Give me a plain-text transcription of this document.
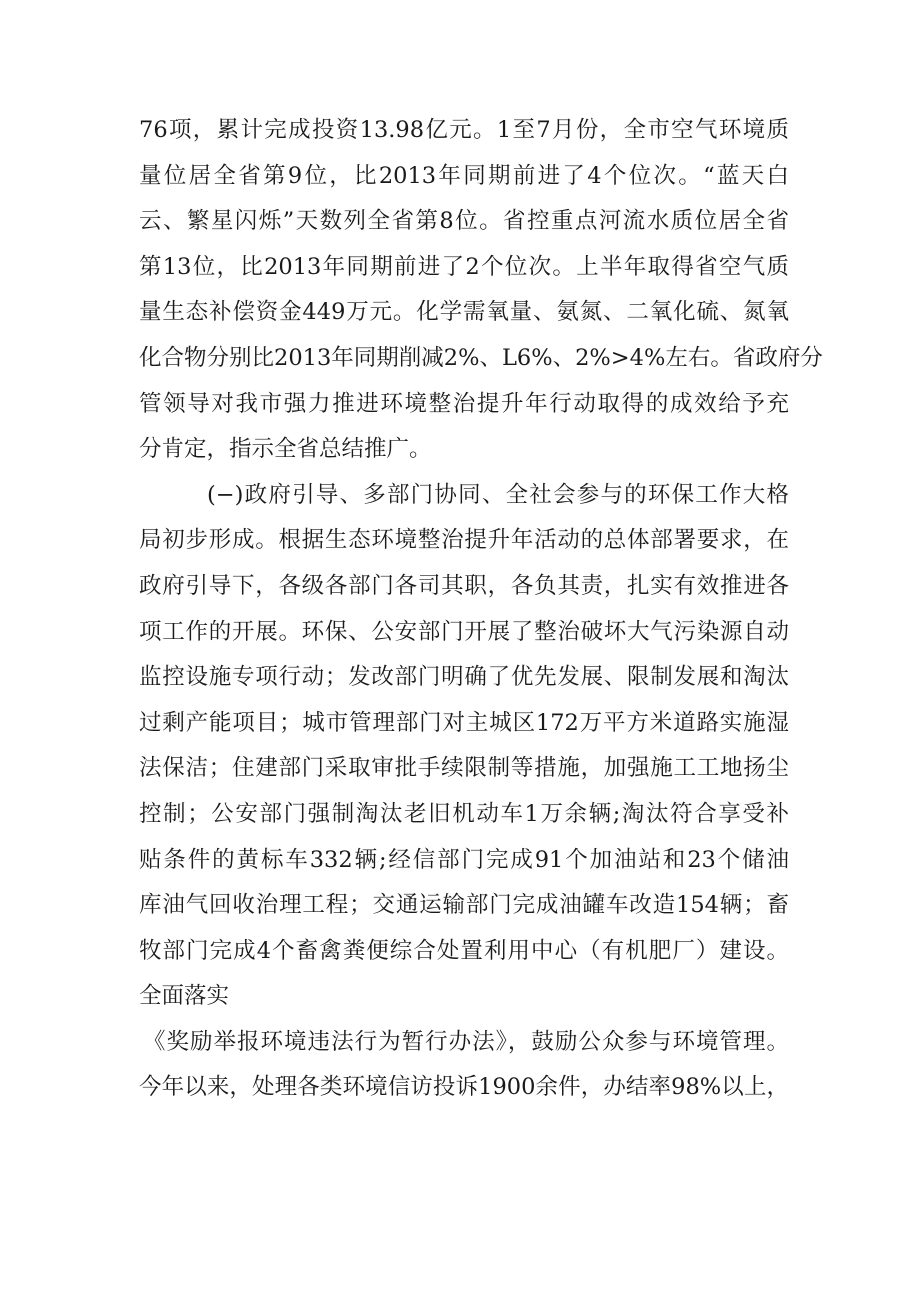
76项，累计完成投资13.98亿元。1至7月份，全市空气环境质
量位居全省第9位，比2013年同期前进了4个位次。“蓝天白
云、繁星闪烁”天数列全省第8位。省控重点河流水质位居全省
第13位，比2013年同期前进了2个位次。上半年取得省空气质
量生态补偿资金449万元。化学需氧量、氨氮、二氧化硫、氮氧
化合物分别比2013年同期削减2%、L6%、2%>4%左右。省政府分
管领导对我市强力推进环境整治提升年行动取得的成效给予充
分肯定，指示全省总结推广。
(−)政府引导、多部门协同、全社会参与的环保工作大格
局初步形成。根据生态环境整治提升年活动的总体部署要求，在
政府引导下，各级各部门各司其职，各负其责，扎实有效推进各
项工作的开展。环保、公安部门开展了整治破坏大气污染源自动
监控设施专项行动；发改部门明确了优先发展、限制发展和淘汰
过剩产能项目；城市管理部门对主城区172万平方米道路实施湿
法保洁；住建部门采取审批手续限制等措施，加强施工工地扬尘
控制；公安部门强制淘汰老旧机动车1万余辆;淘汰符合享受补
贴条件的黄标车332辆;经信部门完成91个加油站和23个储油
库油气回收治理工程；交通运输部门完成油罐车改造154辆；畜
牧部门完成4个畜禽粪便综合处置利用中心（有机肥厂）建设。
全面落实
《奖励举报环境违法行为暂行办法》，鼓励公众参与环境管理。
今年以来，处理各类环境信访投诉1900余件，办结率98%以上，
